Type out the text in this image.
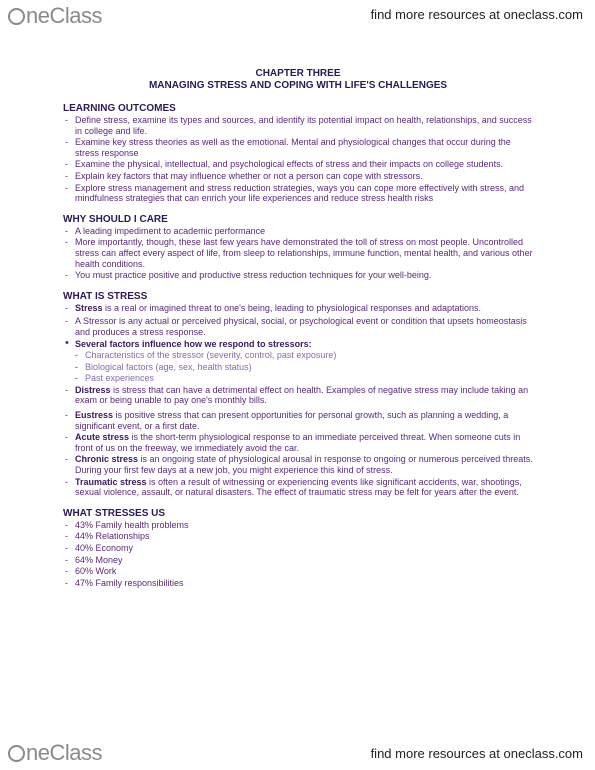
neClass	find more resources at oneclass.com
CHAPTER THREE
MANAGING STRESS AND COPING WITH LIFE'S CHALLENGES
LEARNING OUTCOMES
- Define stress, examine its types and sources, and identify its potential impact on health, relationships, and success in college and life.
- Examine key stress theories as well as the emotional. Mental and physiological changes that occur during the stress response
- Examine the physical, intellectual, and psychological effects of stress and their impacts on college students.
- Explain key factors that may influence whether or not a person can cope with stressors.
- Explore stress management and stress reduction strategies, ways you can cope more effectively with stress, and mindfulness strategies that can enrich your life experiences and reduce stress health risks
WHY SHOULD I CARE
- A leading impediment to academic performance
- More importantly, though, these last few years have demonstrated the toll of stress on most people. Uncontrolled stress can affect every aspect of life, from sleep to relationships, immune function, mental health, and various other health conditions.
- You must practice positive and productive stress reduction techniques for your well-being.
WHAT IS STRESS
- Stress is a real or imagined threat to one's being, leading to physiological responses and adaptations.
- A Stressor is any actual or perceived physical, social, or psychological event or condition that upsets homeostasis and produces a stress response.
• Several factors influence how we respond to stressors:
- Characteristics of the stressor (severity, control, past exposure)
- Biological factors (age, sex, health status)
- Past experiences
- Distress is stress that can have a detrimental effect on health. Examples of negative stress may include taking an exam or being unable to pay one's monthly bills.
- Eustress is positive stress that can present opportunities for personal growth, such as planning a wedding, a significant event, or a first date.
- Acute stress is the short-term physiological response to an immediate perceived threat. When someone cuts in front of us on the freeway, we immediately avoid the car.
- Chronic stress is an ongoing state of physiological arousal in response to ongoing or numerous perceived threats. During your first few days at a new job, you might experience this kind of stress.
- Traumatic stress is often a result of witnessing or experiencing events like significant accidents, war, shootings, sexual violence, assault, or natural disasters. The effect of traumatic stress may be felt for years after the event.
WHAT STRESSES US
- 43% Family health problems
- 44% Relationships
- 40% Economy
- 64% Money
- 60% Work
- 47% Family responsibilities
neClass	find more resources at oneclass.com
